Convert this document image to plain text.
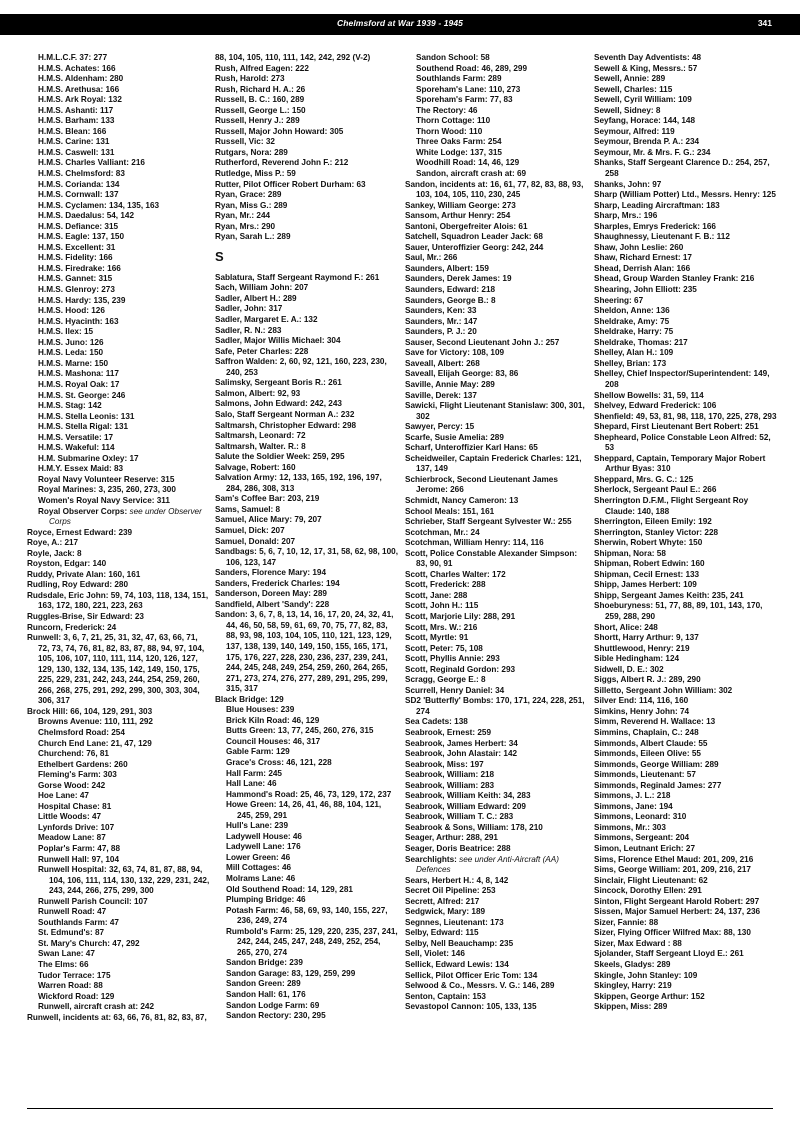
Chelmsford at War 1939 - 1945	341
H.M.L.C.F. 37: 277
H.M.S. Achates: 166
H.M.S. Aldenham: 280
H.M.S. Arethusa: 166
H.M.S. Ark Royal: 132
H.M.S. Ashanti: 117
H.M.S. Barham: 133
H.M.S. Blean: 166
H.M.S. Carine: 131
H.M.S. Caswell: 131
H.M.S. Charles Valliant: 216
H.M.S. Chelmsford: 83
H.M.S. Corianda: 134
H.M.S. Cornwall: 137
H.M.S. Cyclamen: 134, 135, 163
H.M.S. Daedalus: 54, 142
H.M.S. Defiance: 315
H.M.S. Eagle: 137, 150
H.M.S. Excellent: 31
H.M.S. Fidelity: 166
H.M.S. Firedrake: 166
H.M.S. Gannet: 315
H.M.S. Glenroy: 273
H.M.S. Hardy: 135, 239
H.M.S. Hood: 126
H.M.S. Hyacinth: 163
H.M.S. Ilex: 15
H.M.S. Juno: 126
H.M.S. Leda: 150
H.M.S. Marne: 150
H.M.S. Mashona: 117
H.M.S. Royal Oak: 17
H.M.S. St. George: 246
H.M.S. Stag: 142
H.M.S. Stella Leonis: 131
H.M.S. Stella Rigal: 131
H.M.S. Versatile: 17
H.M.S. Wakeful: 114
H.M. Submarine Oxley: 17
H.M.Y. Essex Maid: 83
Royal Navy Volunteer Reserve: 315
Royal Marines: 3, 235, 260, 273, 300
Women's Royal Navy Service: 311
Royal Observer Corps: see under Observer Corps
Royce, Ernest Edward: 239
Roye, A.: 217
Royle, Jack: 8
Royston, Edgar: 140
Ruddy, Private Alan: 160, 161
Rudling, Roy Edward: 280
Rudsdale, Eric John: 59, 74, 103, 118, 134, 151, 163, 172, 180, 221, 223, 263
Ruggles-Brise, Sir Edward: 23
Runcorn, Frederick: 24
Runwell: 3, 6, 7, 21, 25, 31, 32, 47, 63, 66, 71, 72, 73, 74, 76, 81, 82, 83, 87, 88, 94, 97, 104, 105, 106, 107, 110, 111, 114, 120, 126, 127, 129, 130, 132, 134, 135, 142, 149, 150, 175, 225, 229, 231, 242, 243, 244, 254, 259, 260, 266, 268, 275, 291, 292, 299, 300, 303, 304, 306, 317
Brock Hill: 66, 104, 129, 291, 303
Browns Avenue: 110, 111, 292
Chelmsford Road: 254
Church End Lane: 21, 47, 129
Churchend: 76, 81
Ethelbert Gardens: 260
Fleming's Farm: 303
Gorse Wood: 242
Hoe Lane: 47
Hospital Chase: 81
Little Woods: 47
Lynfords Drive: 107
Meadow Lane: 87
Poplar's Farm: 47, 88
Runwell Hall: 97, 104
Runwell Hospital: 32, 63, 74, 81, 87, 88, 94, 104, 106, 111, 114, 130, 132, 229, 231, 242, 243, 244, 266, 275, 299, 300
Runwell Parish Council: 107
Runwell Road: 47
Southlands Farm: 47
St. Edmund's: 87
St. Mary's Church: 47, 292
Swan Lane: 47
The Elms: 66
Tudor Terrace: 175
Warren Road: 88
Wickford Road: 129
Runwell, aircraft crash at: 242
Runwell, incidents at: 63, 66, 76, 81, 82, 83, 87,
88, 104, 105, 110, 111, 142, 242, 292 (V-2)
Rush, Alfred Eagen: 222
Rush, Harold: 273
Rush, Richard H. A.: 26
Russell, B. C.: 160, 289
Russell, George L.: 150
Russell, Henry J.: 289
Russell, Major John Howard: 305
Russell, Vic: 32
Rutgars, Nora: 289
Rutherford, Reverend John F.: 212
Rutledge, Miss P.: 59
Rutter, Pilot Officer Robert Durham: 63
Ryan, Grace: 289
Ryan, Miss G.: 289
Ryan, Mr.: 244
Ryan, Mrs.: 290
Ryan, Sarah L.: 289
S
Sablatura, Staff Sergeant Raymond F.: 261
Sach, William John: 207
Sadler, Albert H.: 289
Sadler, John: 317
Sadler, Margaret E. A.: 132
Sadler, R. N.: 283
Sadler, Major Willis Michael: 304
Safe, Peter Charles: 228
Saffron Walden: 2, 60, 92, 121, 160, 223, 230, 240, 253
Salimsky, Sergeant Boris R.: 261
Salmon, Albert: 92, 93
Salmons, John Edward: 242, 243
Salo, Staff Sergeant Norman A.: 232
Saltmarsh, Christopher Edward: 298
Saltmarsh, Leonard: 72
Saltmarsh, Walter. R.: 8
Salute the Soldier Week: 259, 295
Salvage, Robert: 160
Salvation Army: 12, 133, 165, 192, 196, 197, 284, 286, 308, 313
Sam's Coffee Bar: 203, 219
Sams, Samuel: 8
Samuel, Alice Mary: 79, 207
Samuel, Dick: 207
Samuel, Donald: 207
Sandbags: 5, 6, 7, 10, 12, 17, 31, 58, 62, 98, 100, 106, 123, 147
Sanders, Florence Mary: 194
Sanders, Frederick Charles: 194
Sanderson, Doreen May: 289
Sandfield, Albert 'Sandy': 228
Sandon: 3, 6, 7, 8, 13, 14, 16, 17, 20, 24, 32, 41, 44, 46, 50, 58, 59, 61, 69, 70, 75, 77, 82, 83, 88, 93, 98, 103, 104, 105, 110, 121, 123, 129, 137, 138, 139, 140, 149, 150, 155, 165, 171, 175, 176, 227, 228, 230, 236, 237, 239, 241, 244, 245, 248, 249, 254, 259, 260, 264, 265, 271, 273, 274, 276, 277, 289, 291, 295, 299, 315, 317
Black Bridge: 129
Blue Houses: 239
Brick Kiln Road: 46, 129
Butts Green: 13, 77, 245, 260, 276, 315
Council Houses: 46, 317
Gable Farm: 129
Grace's Cross: 46, 121, 228
Hall Farm: 245
Hall Lane: 46
Hammond's Road: 25, 46, 73, 129, 172, 237
Howe Green: 14, 26, 41, 46, 88, 104, 121, 245, 259, 291
Hull's Lane: 239
Ladywell House: 46
Ladywell Lane: 176
Lower Green: 46
Mill Cottages: 46
Molrams Lane: 46
Old Southend Road: 14, 129, 281
Plumping Bridge: 46
Potash Farm: 46, 58, 69, 93, 140, 155, 227, 236, 249, 274
Rumbold's Farm: 25, 129, 220, 235, 237, 241, 242, 244, 245, 247, 248, 249, 252, 254, 265, 270, 274
Sandon Bridge: 239
Sandon Garage: 83, 129, 259, 299
Sandon Green: 289
Sandon Hall: 61, 176
Sandon Lodge Farm: 69
Sandon Rectory: 230, 295
Sandon School: 58
Southend Road: 46, 289, 299
Southlands Farm: 289
Sporeham's Lane: 110, 273
Sporeham's Farm: 77, 83
The Rectory: 46
Thorn Cottage: 110
Thorn Wood: 110
Three Oaks Farm: 254
White Lodge: 137, 315
Woodhill Road: 14, 46, 129
Sandon, aircraft crash at: 69
Sandon, incidents at: 16, 61, 77, 82, 83, 88, 93, 103, 104, 105, 110, 230, 245
Sankey, William George: 273
Sansom, Arthur Henry: 254
Santoni, Obergefreiter Alois: 61
Satchell, Squadron Leader Jack: 68
Sauer, Unteroffizier Georg: 242, 244
Saul, Mr.: 266
Saunders, Albert: 159
Saunders, Derek James: 19
Saunders, Edward: 218
Saunders, George B.: 8
Saunders, Ken: 33
Saunders, Mr.: 147
Saunders, P. J.: 20
Sauser, Second Lieutenant John J.: 257
Save for Victory: 108, 109
Saveall, Albert: 268
Saveall, Elijah George: 83, 86
Saville, Annie May: 289
Saville, Derek: 137
Sawicki, Flight Lieutenant Stanislaw: 300, 301, 302
Sawyer, Percy: 15
Scarfe, Susie Amelia: 289
Scharf, Unteroffizier Karl Hans: 65
Scheidweiler, Captain Frederick Charles: 121, 137, 149
Schierbrock, Second Lieutenant James Jerome: 266
Schmidt, Nancy Cameron: 13
School Meals: 151, 161
Schrieber, Staff Sergeant Sylvester W.: 255
Scotchman, Mr.: 24
Scotchman, William Henry: 114, 116
Scott, Police Constable Alexander Simpson: 83, 90, 91
Scott, Charles Walter: 172
Scott, Frederick: 288
Scott, Jane: 288
Scott, John H.: 115
Scott, Marjorie Lily: 288, 291
Scott, Mrs. W.: 216
Scott, Myrtle: 91
Scott, Peter: 75, 108
Scott, Phyllis Annie: 293
Scott, Reginald Gordon: 293
Scragg, George E.: 8
Scurrell, Henry Daniel: 34
SD2 'Butterfly' Bombs: 170, 171, 224, 228, 251, 274
Sea Cadets: 138
Seabrook, Ernest: 259
Seabrook, James Herbert: 34
Seabrook, John Alastair: 142
Seabrook, Miss: 197
Seabrook, William: 218
Seabrook, William: 283
Seabrook, William Keith: 34, 283
Seabrook, William Edward: 209
Seabrook, William T. C.: 283
Seabrook & Sons, William: 178, 210
Seager, Arthur: 288, 291
Seager, Doris Beatrice: 288
Searchlights: see under Anti-Aircraft (AA) Defences
Sears, Herbert H.: 4, 8, 142
Secret Oil Pipeline: 253
Secrett, Alfred: 217
Sedgwick, Mary: 189
Segnnes, Lieutenant: 173
Selby, Edward: 115
Selby, Nell Beauchamp: 235
Sell, Violet: 146
Sellick, Edward Lewis: 134
Sellick, Pilot Officer Eric Tom: 134
Selwood & Co., Messrs. V. G.: 146, 289
Senton, Captain: 153
Sevastopol Cannon: 105, 133, 135
Seventh Day Adventists: 48
Sewell & King, Messrs.: 57
Sewell, Annie: 289
Sewell, Charles: 115
Sewell, Cyril William: 109
Sewell, Sidney: 8
Seyfang, Horace: 144, 148
Seymour, Alfred: 119
Seymour, Brenda P. A.: 234
Seymour, Mr. & Mrs. F. G.: 234
Shanks, Staff Sergeant Clarence D.: 254, 257, 258
Shanks, John: 97
Sharp (William Potter) Ltd., Messrs. Henry: 125
Sharp, Leading Aircraftman: 183
Sharp, Mrs.: 196
Sharples, Emrys Frederick: 166
Shaughnessy, Lieutenant F. B.: 112
Shaw, John Leslie: 260
Shaw, Richard Ernest: 17
Shead, Derrish Alan: 166
Shead, Group Warden Stanley Frank: 216
Shearing, John Elliott: 235
Sheering: 67
Sheldon, Anne: 136
Sheldrake, Amy: 75
Sheldrake, Harry: 75
Sheldrake, Thomas: 217
Shelley, Alan H.: 109
Shelley, Brian: 173
Shelley, Chief Inspector/Superintendent: 149, 208
Shellow Bowells: 31, 59, 114
Shelvey, Edward Frederick: 106
Shenfield: 49, 53, 81, 98, 118, 170, 225, 278, 293
Shepard, First Lieutenant Bert Robert: 251
Shepheard, Police Constable Leon Alfred: 52, 53
Sheppard, Captain, Temporary Major Robert Arthur Byas: 310
Sheppard, Mrs. G. C.: 125
Sherlock, Sergeant Paul E.: 266
Sherrington D.F.M., Flight Sergeant Roy Claude: 140, 188
Sherrington, Eileen Emily: 192
Sherrington, Stanley Victor: 228
Sherwin, Robert Whyte: 150
Shipman, Nora: 58
Shipman, Robert Edwin: 160
Shipman, Cecil Ernest: 133
Shipp, James Herbert: 109
Shipp, Sergeant James Keith: 235, 241
Shoeburyness: 51, 77, 88, 89, 101, 143, 170, 259, 288, 290
Short, Alice: 248
Shortt, Harry Arthur: 9, 137
Shuttlewood, Henry: 219
Sible Hedingham: 124
Sidwell, D. E.: 302
Siggs, Albert R. J.: 289, 290
Silletto, Sergeant John William: 302
Silver End: 114, 116, 160
Simkins, Henry John: 74
Simm, Reverend H. Wallace: 13
Simmins, Chaplain, C.: 248
Simmonds, Albert Claude: 55
Simmonds, Eileen Olive: 55
Simmonds, George William: 289
Simmonds, Lieutenant: 57
Simmonds, Reginald James: 277
Simmons, J. L.: 218
Simmons, Jane: 194
Simmons, Leonard: 310
Simmons, Mr.: 303
Simmons, Sergeant: 204
Simon, Leutnant Erich: 27
Sims, Florence Ethel Maud: 201, 209, 216
Sims, George William: 201, 209, 216, 217
Sinclair, Flight Lieutenant: 62
Sincock, Dorothy Ellen: 291
Sinton, Flight Sergeant Harold Robert: 297
Sissen, Major Samuel Herbert: 24, 137, 236
Sizer, Fannie: 88
Sizer, Flying Officer Wilfred Max: 88, 130
Sizer, Max Edward : 88
Sjolander, Staff Sergeant Lloyd E.: 261
Skeels, Gladys: 289
Skingle, John Stanley: 109
Skingley, Harry: 219
Skippen, George Arthur: 152
Skippen, Miss: 289
